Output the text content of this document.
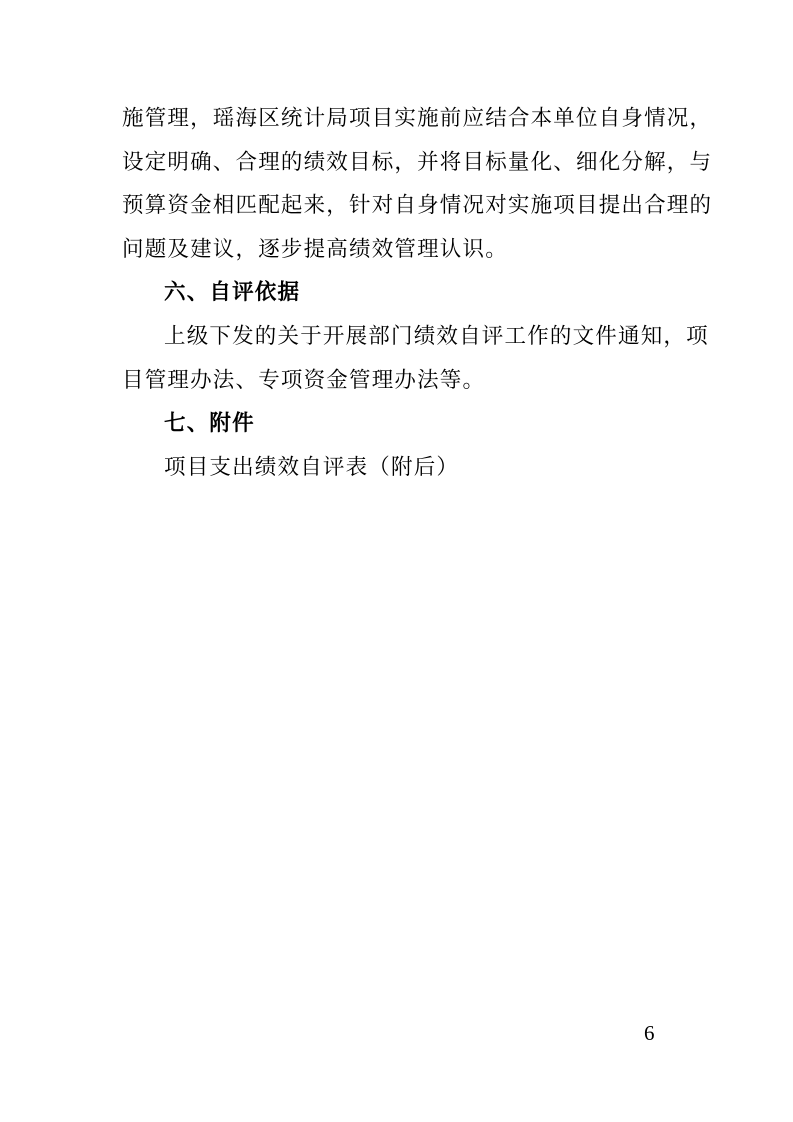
施管理，瑶海区统计局项目实施前应结合本单位自身情况，
设定明确、合理的绩效目标，并将目标量化、细化分解，与
预算资金相匹配起来，针对自身情况对实施项目提出合理的
问题及建议，逐步提高绩效管理认识。
六、自评依据
上级下发的关于开展部门绩效自评工作的文件通知，项
目管理办法、专项资金管理办法等。
七、附件
项目支出绩效自评表（附后）
6
